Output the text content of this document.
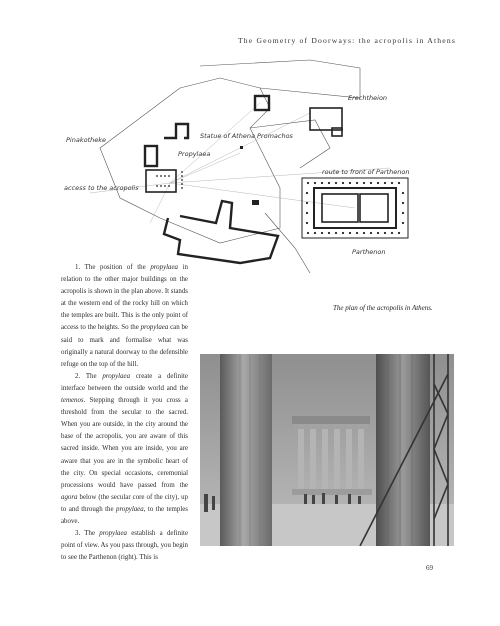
The Geometry of Doorways: the acropolis in Athens
Pinakotheke
Propylaea
Statue of Athena Promachos
Erechtheion
route to front of Parthenon
Parthenon
access to the acropolis

1. The position of the propylaea in relation to the other major buildings on the acropolis is shown in the plan above. It stands at the western end of the rocky hill on which the temples are built. This is the only point of access to the heights. So the propylaea can be said to mark and formalise what was originally a natural doorway to the defensible refuge on the top of the hill.

2. The propylaea create a definite interface between the outside world and the temenos. Stepping through it you cross a threshold from the secular to the sacred. When you are outside, in the city around the base of the acropolis, you are aware of this sacred inside. When you are inside, you are aware that you are in the symbolic heart of the city. On special occasions, ceremonial processions would have passed from the agora below (the secular core of the city), up to and through the propylaea, to the temples above.

3. The propylaea establish a definite point of view. As you pass through, you begin to see the Parthenon (right). This is

The plan of the acropolis in Athens.
69
